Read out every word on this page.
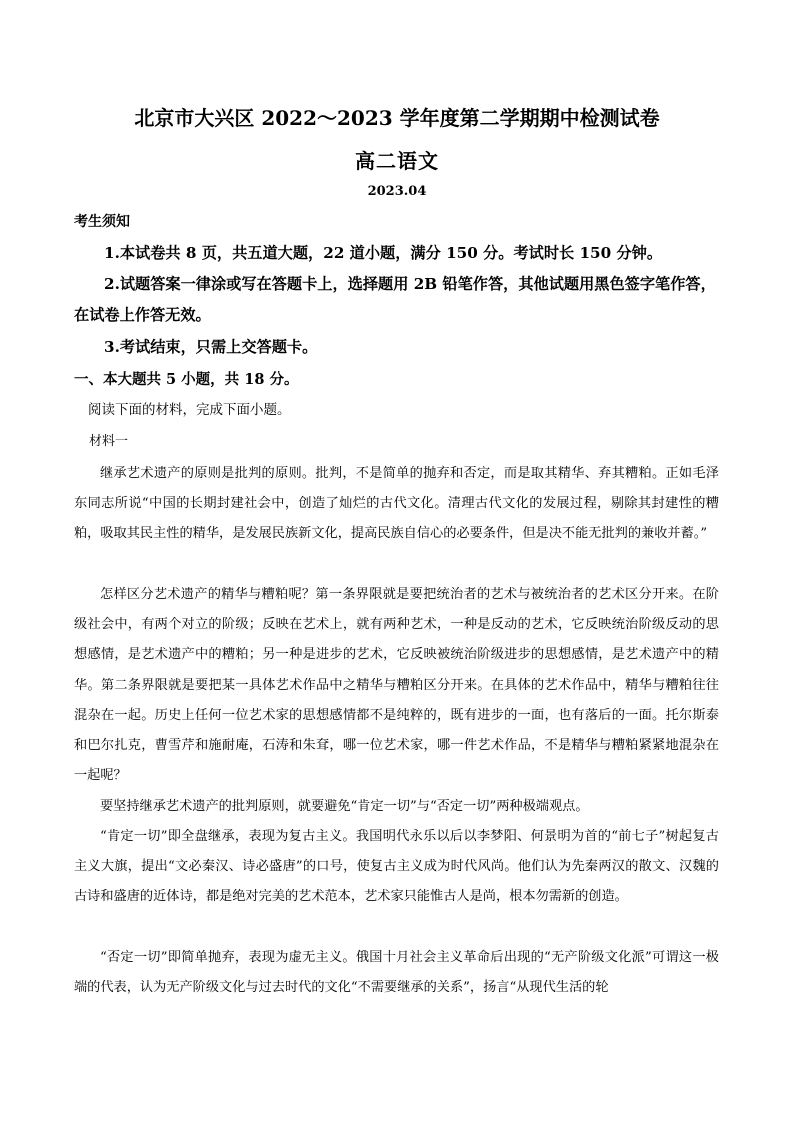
北京市大兴区 2022～2023 学年度第二学期期中检测试卷
高二语文
2023.04
考生须知
1.本试卷共 8 页，共五道大题，22 道小题，满分 150 分。考试时长 150 分钟。
2.试题答案一律涂或写在答题卡上，选择题用 2B 铅笔作答，其他试题用黑色签字笔作答，在试卷上作答无效。
3.考试结束，只需上交答题卡。
一、本大题共 5 小题，共 18 分。
阅读下面的材料，完成下面小题。
材料一
继承艺术遗产的原则是批判的原则。批判，不是简单的抛弃和否定，而是取其精华、弃其糟粕。正如毛泽东同志所说“中国的长期封建社会中，创造了灿烂的古代文化。清理古代文化的发展过程，剔除其封建性的糟粕，吸取其民主性的精华，是发展民族新文化，提高民族自信心的必要条件，但是决不能无批判的兼收并蓄。”
怎样区分艺术遗产的精华与糟粕呢？第一条界限就是要把统治者的艺术与被统治者的艺术区分开来。在阶级社会中，有两个对立的阶级；反映在艺术上，就有两种艺术，一种是反动的艺术，它反映统治阶级反动的思想感情，是艺术遗产中的糟粕；另一种是进步的艺术，它反映被统治阶级进步的思想感情，是艺术遗产中的精华。第二条界限就是要把某一具体艺术作品中之精华与糟粕区分开来。在具体的艺术作品中，精华与糟粕往往混杂在一起。历史上任何一位艺术家的思想感情都不是纯粹的，既有进步的一面，也有落后的一面。托尔斯泰和巴尔扎克，曹雪芹和施耐庵，石涛和朱耷，哪一位艺术家，哪一件艺术作品，不是精华与糟粕紧紧地混杂在一起呢？
要坚持继承艺术遗产的批判原则，就要避免“肯定一切”与“否定一切”两种极端观点。
“肯定一切”即全盘继承，表现为复古主义。我国明代永乐以后以李梦阳、何景明为首的“前七子”树起复古主义大旗，提出“文必秦汉、诗必盛唐”的口号，使复古主义成为时代风尚。他们认为先秦两汉的散文、汉魏的古诗和盛唐的近体诗，都是绝对完美的艺术范本，艺术家只能惟古人是尚，根本勿需新的创造。
“否定一切”即简单抛弃，表现为虚无主义。俄国十月社会主义革命后出现的“无产阶级文化派”可谓这一极端的代表，认为无产阶级文化与过去时代的文化“不需要继承的关系”，扬言“从现代生活的轮
